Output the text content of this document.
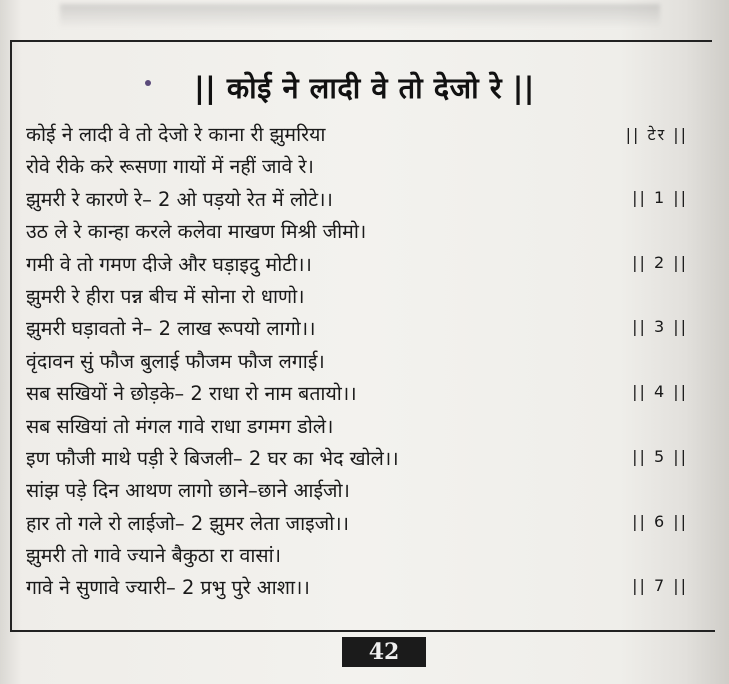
|| कोई ने लादी वे तो देजो रे ||
कोई ने लादी वे तो देजो रे काना री झुमरिया	|| टेर ||
रोवे रीके करे रूसणा गायों में नहीं जावे रे।
झुमरी रे कारणे रे– 2 ओ पड़यो रेत में लोटे।।	|| 1 ||
उठ ले रे कान्हा करले कलेवा माखण मिश्री जीमो।
गमी वे तो गमण दीजे और घड़ाइदु मोटी।।	|| 2 ||
झुमरी रे हीरा पन्न बीच में सोना रो धाणो।
झुमरी घड़ावतो ने– 2 लाख रूपयो लागो।।	|| 3 ||
वृंदावन सुं फौज बुलाई फौजम फौज लगाई।
सब सखियों ने छोड़के– 2 राधा रो नाम बतायो।।	|| 4 ||
सब सखियां तो मंगल गावे राधा डगमग डोले।
इण फौजी माथे पड़ी रे बिजली– 2 घर का भेद खोले।।	|| 5 ||
सांझ पड़े दिन आथण लागो छाने–छाने आईजो।
हार तो गले रो लाईजो– 2 झुमर लेता जाइजो।।	|| 6 ||
झुमरी तो गावे ज्याने बैकुठा रा वासां।
गावे ने सुणावे ज्यारी– 2 प्रभु पुरे आशा।।	|| 7 ||
42
